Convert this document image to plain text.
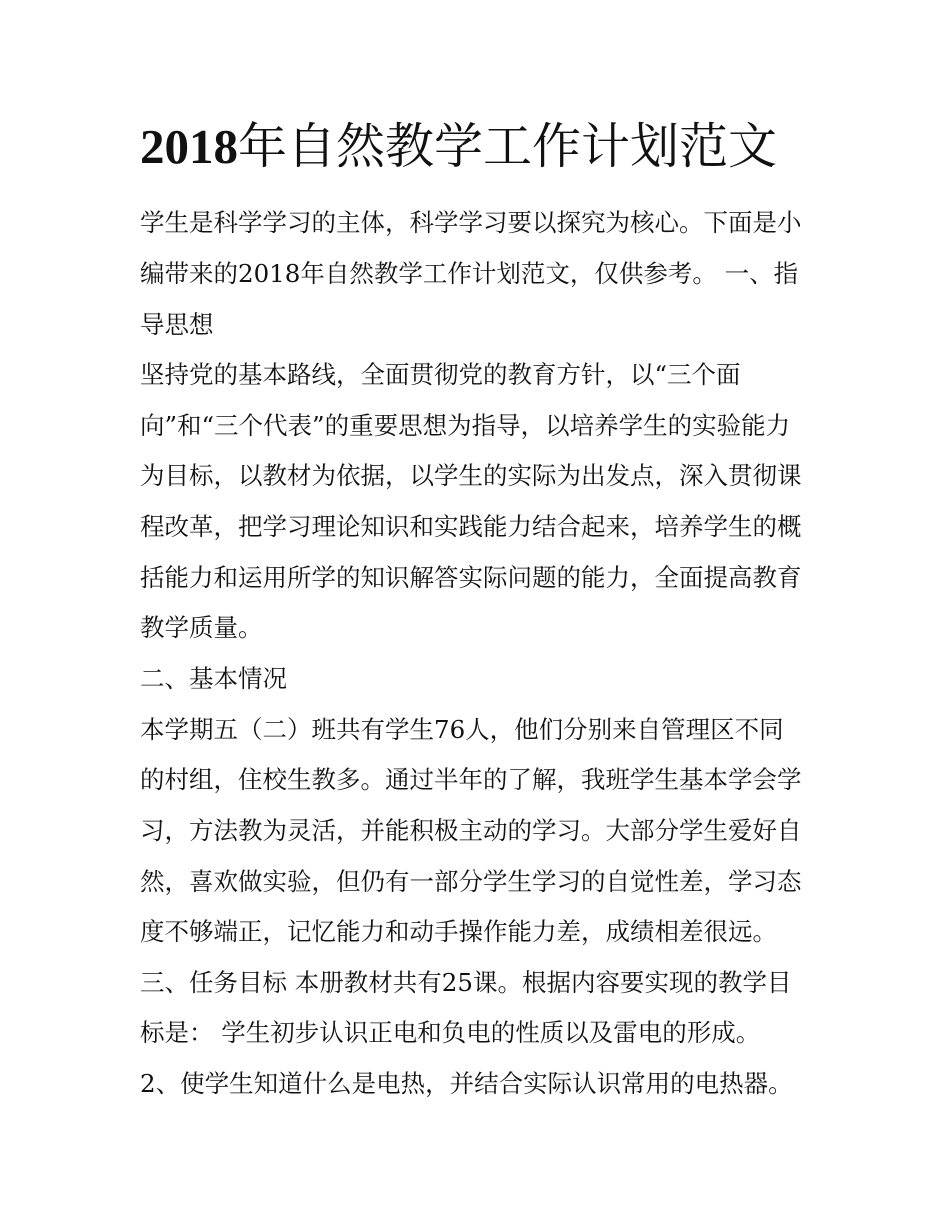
2018年自然教学工作计划范文

学生是科学学习的主体，科学学习要以探究为核心。下面是小

编带来的2018年自然教学工作计划范文，仅供参考。 一、指

导思想

坚持党的基本路线，全面贯彻党的教育方针，以“三个面

向”和“三个代表”的重要思想为指导，以培养学生的实验能力

为目标，以教材为依据，以学生的实际为出发点，深入贯彻课

程改革，把学习理论知识和实践能力结合起来，培养学生的概

括能力和运用所学的知识解答实际问题的能力，全面提高教育

教学质量。

二、基本情况

本学期五（二）班共有学生76人，他们分别来自管理区不同

的村组，住校生教多。通过半年的了解，我班学生基本学会学

习，方法教为灵活，并能积极主动的学习。大部分学生爱好自

然，喜欢做实验，但仍有一部分学生学习的自觉性差，学习态

度不够端正，记忆能力和动手操作能力差，成绩相差很远。

三、任务目标 本册教材共有25课。根据内容要实现的教学目

标是： 学生初步认识正电和负电的性质以及雷电的形成。

2、使学生知道什么是电热，并结合实际认识常用的电热器。
